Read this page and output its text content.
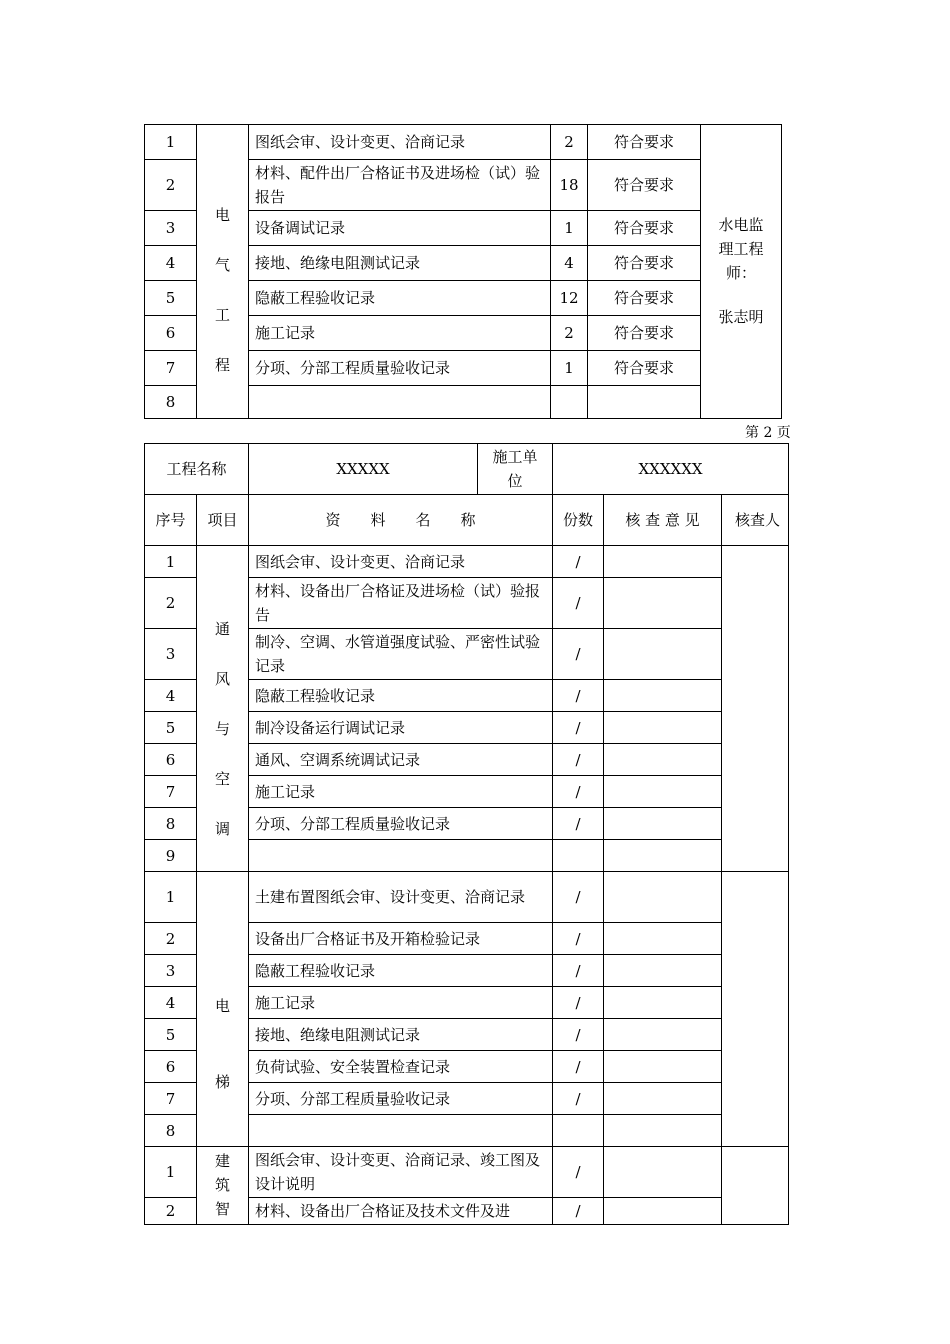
1	电
气
工
程	图纸会审、设计变更、洽商记录	2	符合要求	水电监
理工程
师：
张志明

2		材料、配件出厂合格证书及进场检（试）验报告	18	符合要求	
3		设备调试记录	1	符合要求	
4		接地、绝缘电阻测试记录	4	符合要求	
5		隐蔽工程验收记录	12	符合要求	
6		施工记录	2	符合要求	
7		分项、分部工程质量验收记录	1	符合要求	
8					
第 2 页
工程名称		XXXXX	施工单位	XXXXXX		
序号	项目	资　　料　　名　　称		份数	核 查 意 见	核查人
1	通
风
与
空
调	图纸会审、设计变更、洽商记录		/		
2		材料、设备出厂合格证及进场检（试）验报告		/		
3		制冷、空调、水管道强度试验、严密性试验记录		/		
4		隐蔽工程验收记录		/		
5		制冷设备运行调试记录		/		
6		通风、空调系统调试记录		/		
7		施工记录		/		
8		分项、分部工程质量验收记录		/		
9						
1	电
梯	土建布置图纸会审、设计变更、洽商记录		/		
2		设备出厂合格证书及开箱检验记录		/		
3		隐蔽工程验收记录		/		
4		施工记录		/		
5		接地、绝缘电阻测试记录		/		
6		负荷试验、安全装置检查记录		/		
7		分项、分部工程质量验收记录		/		
8						
1	建
筑
智	图纸会审、设计变更、洽商记录、竣工图及设计说明		/		
2		材料、设备出厂合格证及技术文件及进		/		
